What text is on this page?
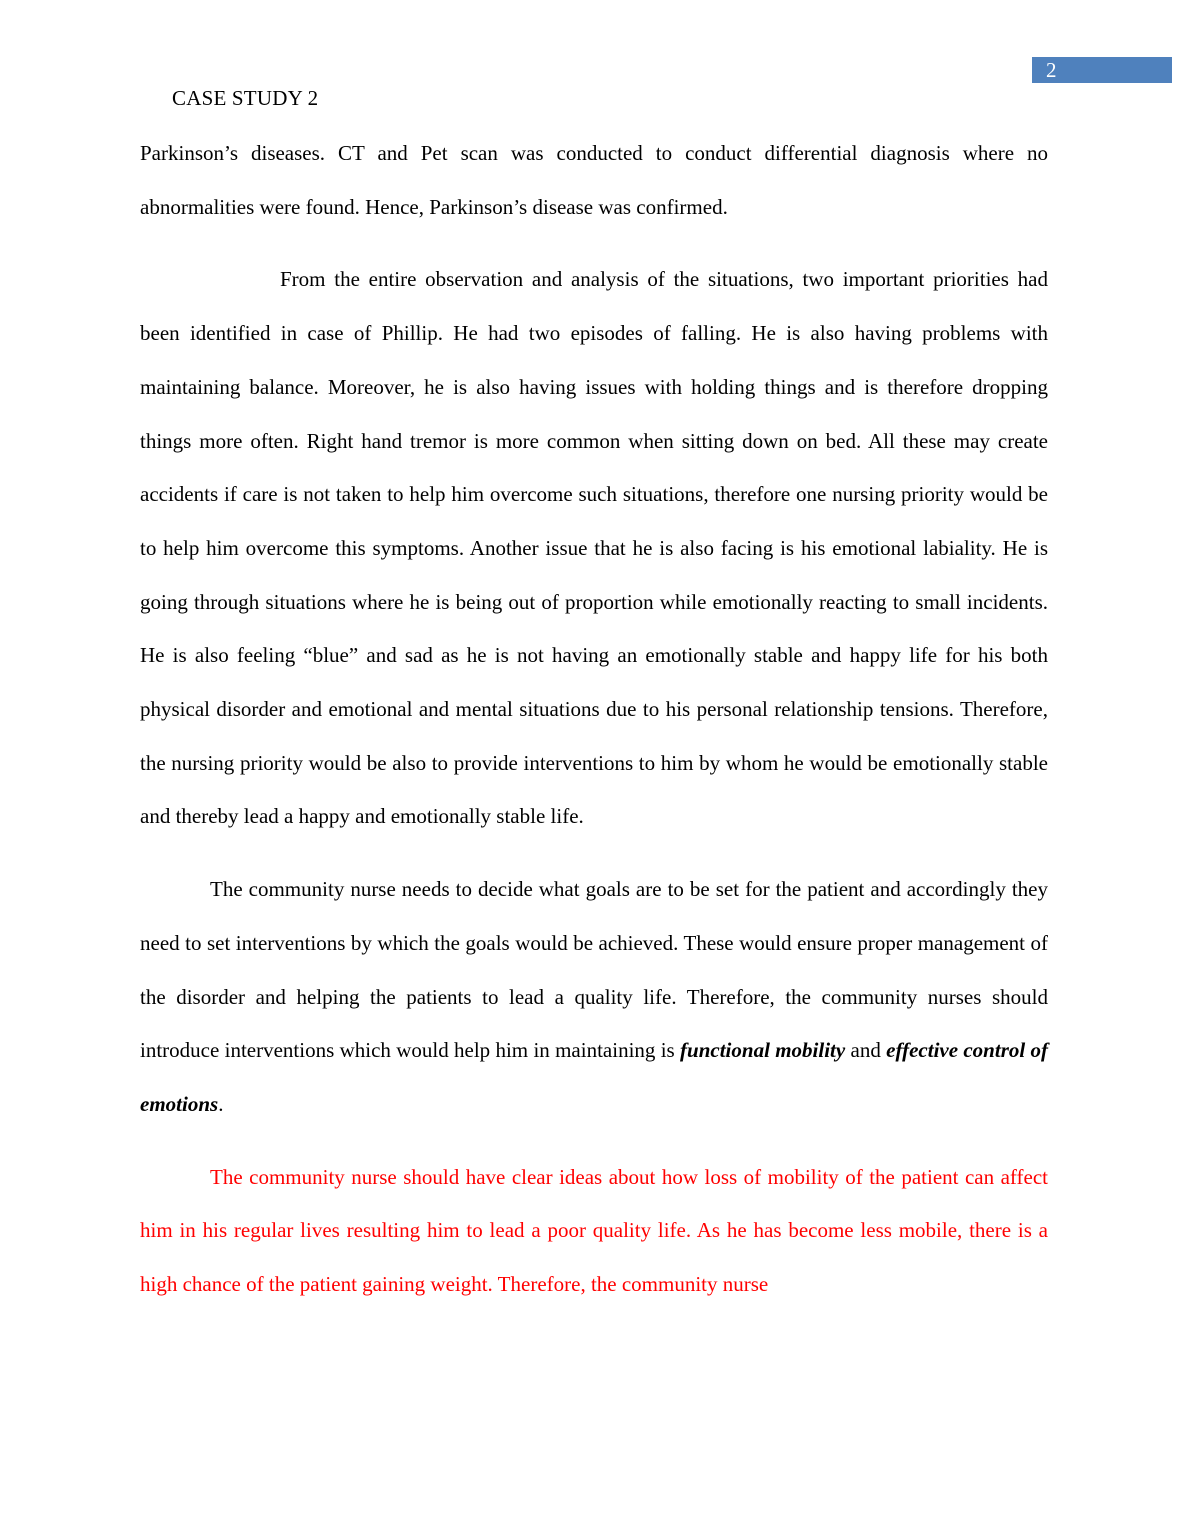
2
CASE STUDY 2

Parkinson’s diseases. CT and Pet scan was conducted to conduct differential diagnosis where no abnormalities were found. Hence, Parkinson’s disease was confirmed.

From the entire observation and analysis of the situations, two important priorities had been identified in case of Phillip. He had two episodes of falling. He is also having problems with maintaining balance. Moreover, he is also having issues with holding things and is therefore dropping things more often. Right hand tremor is more common when sitting down on bed. All these may create accidents if care is not taken to help him overcome such situations, therefore one nursing priority would be to help him overcome this symptoms. Another issue that he is also facing is his emotional labiality. He is going through situations where he is being out of proportion while emotionally reacting to small incidents. He is also feeling “blue” and sad as he is not having an emotionally stable and happy life for his both physical disorder and emotional and mental situations due to his personal relationship tensions. Therefore, the nursing priority would be also to provide interventions to him by whom he would be emotionally stable and thereby lead a happy and emotionally stable life.

The community nurse needs to decide what goals are to be set for the patient and accordingly they need to set interventions by which the goals would be achieved. These would ensure proper management of the disorder and helping the patients to lead a quality life. Therefore, the community nurses should introduce interventions which would help him in maintaining is functional mobility and effective control of emotions.

The community nurse should have clear ideas about how loss of mobility of the patient can affect him in his regular lives resulting him to lead a poor quality life. As he has become less mobile, there is a high chance of the patient gaining weight. Therefore, the community nurse
